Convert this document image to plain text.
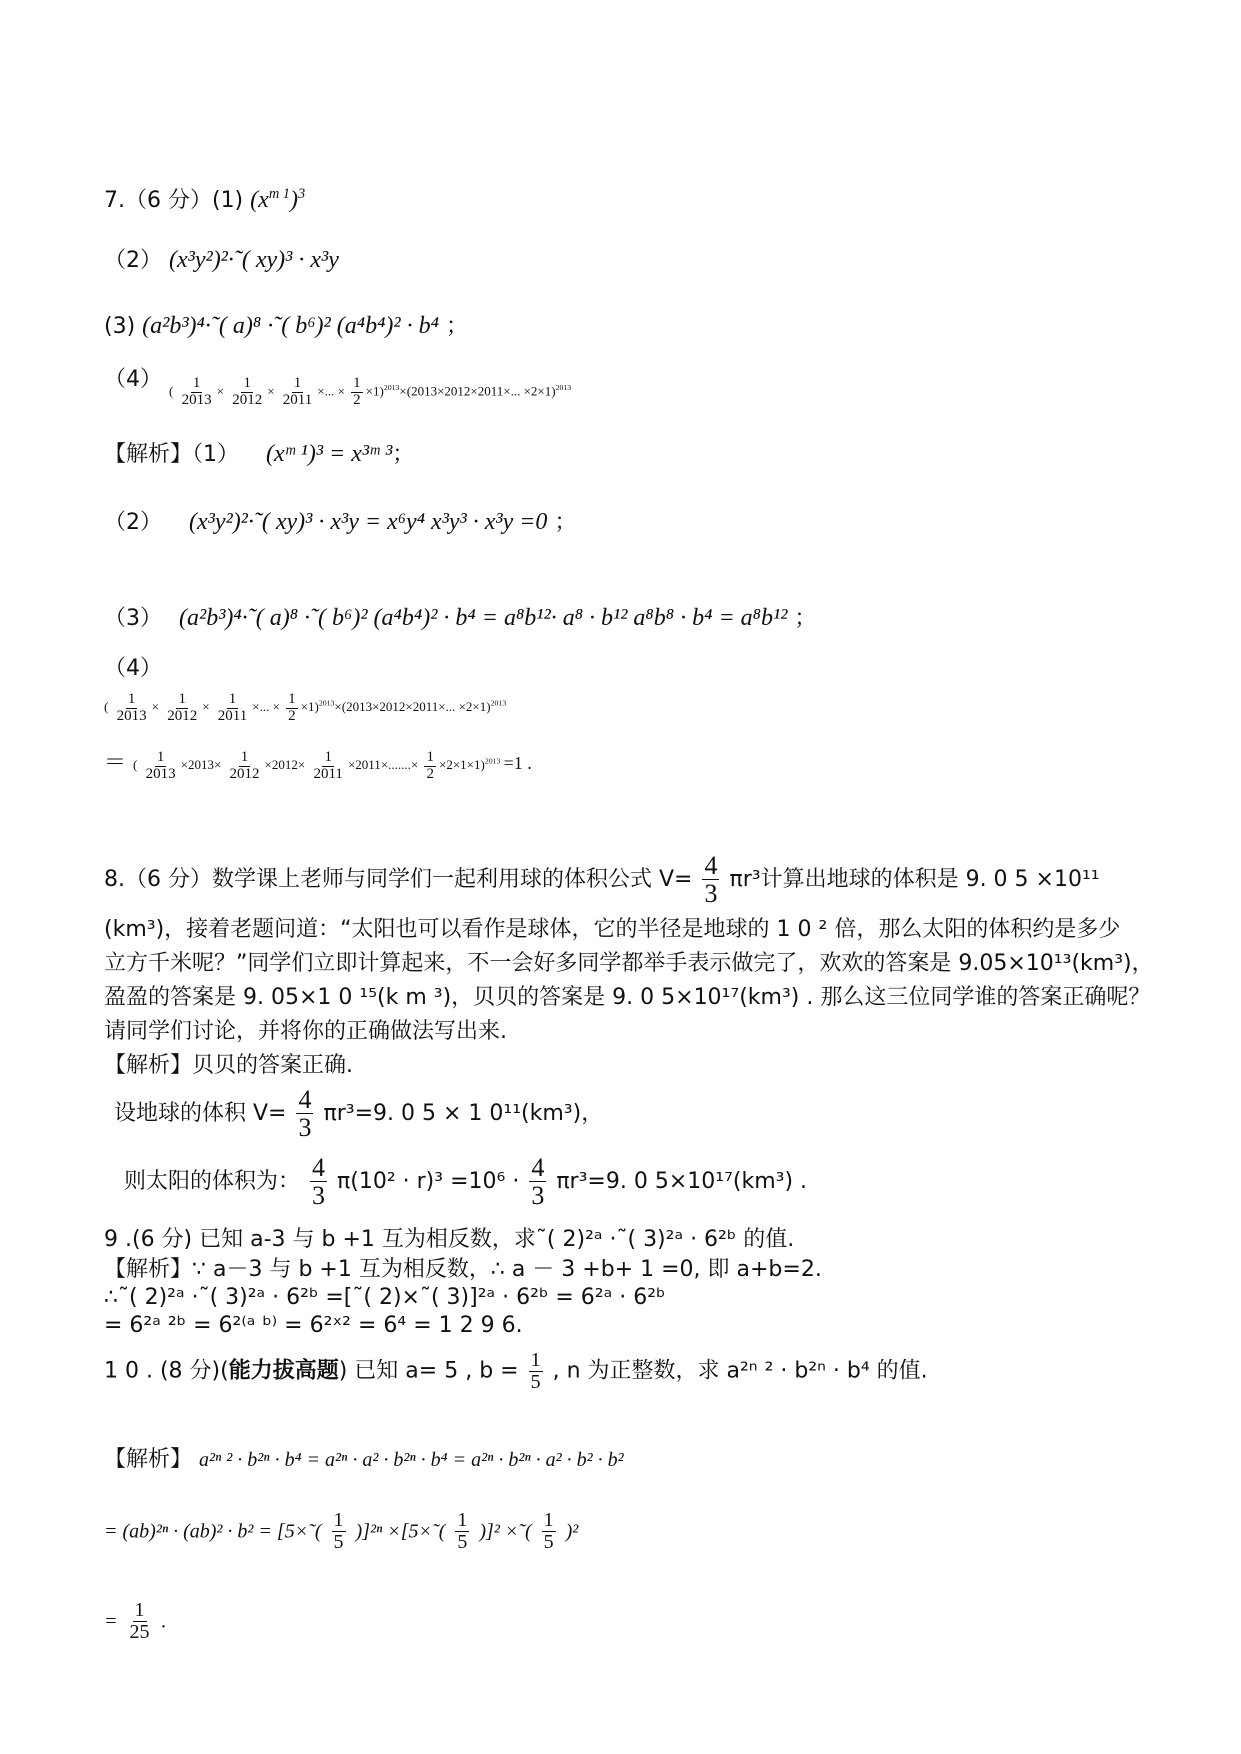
7.（6 分）(1) $(x^{m 1})^3$
（2） (x³y²)²·˜( xy)³ · x³y
(3) (a²b³)⁴·˜( a)⁸ ·˜( b⁶)² (a⁴b⁴)² · b⁴ ；
（4） ( $\frac{1}{2013} \times \frac{1}{2012} \times \frac{1}{2011}$ ×... × $\frac{1}{2} \times 1)^{2013}\times(2013\times 2012\times 2011\times$... ×2×1)$^{2013}$
【解析】（1） (xᵐ ¹)³ = x³ᵐ ³；
（2） (x³y²)²·˜( xy)³ · x³y = x⁶y⁴ x³y³ · x³y =0 ；
（3） (a²b³)⁴·˜( a)⁸ ·˜( b⁶)² (a⁴b⁴)² · b⁴ = a⁸b¹²· a⁸ · b¹² a⁸b⁸ · b⁴ = a⁸b¹² ；
（4）
( $\frac{1}{2013} \times \frac{1}{2012} \times \frac{1}{2011}$ ×... × $\frac{1}{2} \times 1)^{2013}\times(2013\times 2012\times 2011\times$... ×2×1)$^{2013}$
＝ ( $\frac{1}{2013} \times 2013\times \frac{1}{2012} \times 2012\times \frac{1}{2011} \times 2011\times.......\times \frac{1}{2} \times 2\times 1\times 1)^{2013} =1$ .
8.（6 分）数学课上老师与同学们一起利用球的体积公式 $V= \frac{4}{3} \pi r^3$计算出地球的体积是 9. 0 5 ×10¹¹
(km³)，接着老题问道：“太阳也可以看作是球体，它的半径是地球的 1 0 ² 倍，那么太阳的体积约是多少
立方千米呢？”同学们立即计算起来，不一会好多同学都举手表示做完了，欢欢的答案是 9.05×10¹³(km³)，
盈盈的答案是 9. 05×1 0 ¹⁵(k m ³)，贝贝的答案是 9. 0 5×10¹⁷(km³) . 那么这三位同学谁的答案正确呢？
请同学们讨论，并将你的正确做法写出来.
【解析】贝贝的答案正确.
设地球的体积 $V= \frac{4}{3} \pi r^3=9$. 0 5 × 1 0¹¹(km³)，
则太阳的体积为： $\frac{4}{3} \pi(10^2 \cdot r)^3 =10^6 \cdot \frac{4}{3} \pi r^3=9$. 0 5×10¹⁷(km³) .
9 .(6 分) 已知 a-3 与 b +1 互为相反数，求˜( 2)²ᵃ ·˜( 3)²ᵃ · 6²ᵇ 的值.
【解析】∵ a－3 与 b +1 互为相反数，∴ a － 3 +b+ 1 =0, 即 a+b=2.
∴˜( 2)²ᵃ ·˜( 3)²ᵃ · 6²ᵇ =[˜( 2)×˜( 3)]²ᵃ · 6²ᵇ = 6²ᵃ · 6²ᵇ
= 6²ᵃ ²ᵇ = 6²⁽ᵃ ᵇ⁾ = 6²ˣ² = 6⁴ = 1 2 9 6.
1 0 . (8 分)(能力拔高题) 已知 a= 5 , $b = \frac{1}{5}$ , n 为正整数，求 a²ⁿ ² · b²ⁿ · b⁴ 的值.
【解析】 a²ⁿ ² · b²ⁿ · b⁴ = a²ⁿ · a² · b²ⁿ · b⁴ = a²ⁿ · b²ⁿ · a² · b² · b²
= (ab)²ⁿ · (ab)² · b² = [5×˜( $\frac{1}{5} )]^{2n}$ ×[5×˜( $\frac{1}{5} )]^2$ ×˜( $\frac{1}{5} )^2$
= $\frac{1}{25}$ .
